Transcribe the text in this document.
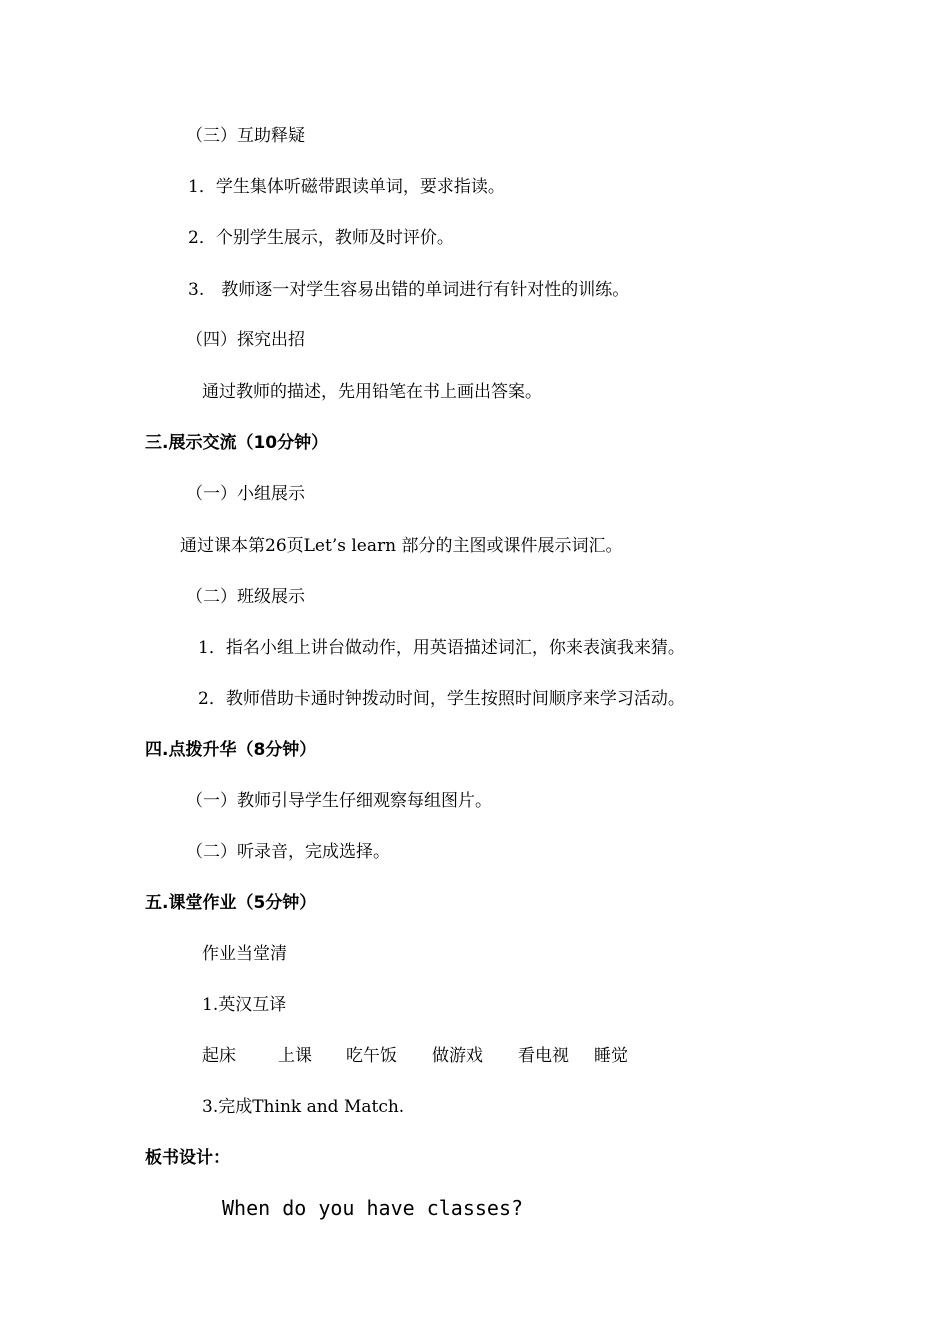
（三）互助释疑
1．学生集体听磁带跟读单词，要求指读。
2．个别学生展示，教师及时评价。
3.　教师逐一对学生容易出错的单词进行有针对性的训练。
（四）探究出招
通过教师的描述，先用铅笔在书上画出答案。
三.展示交流（10分钟）
（一）小组展示
通过课本第26页Let’s learn 部分的主图或课件展示词汇。
（二）班级展示
1．指名小组上讲台做动作，用英语描述词汇，你来表演我来猜。
2．教师借助卡通时钟拨动时间，学生按照时间顺序来学习活动。
四.点拨升华（8分钟）
（一）教师引导学生仔细观察每组图片。
（二）听录音，完成选择。
五.课堂作业（5分钟）
作业当堂清
1.英汉互译
起床	上课	吃午饭	做游戏	看电视	睡觉
3.完成Think and Match.
板书设计：
When do you have classes?
